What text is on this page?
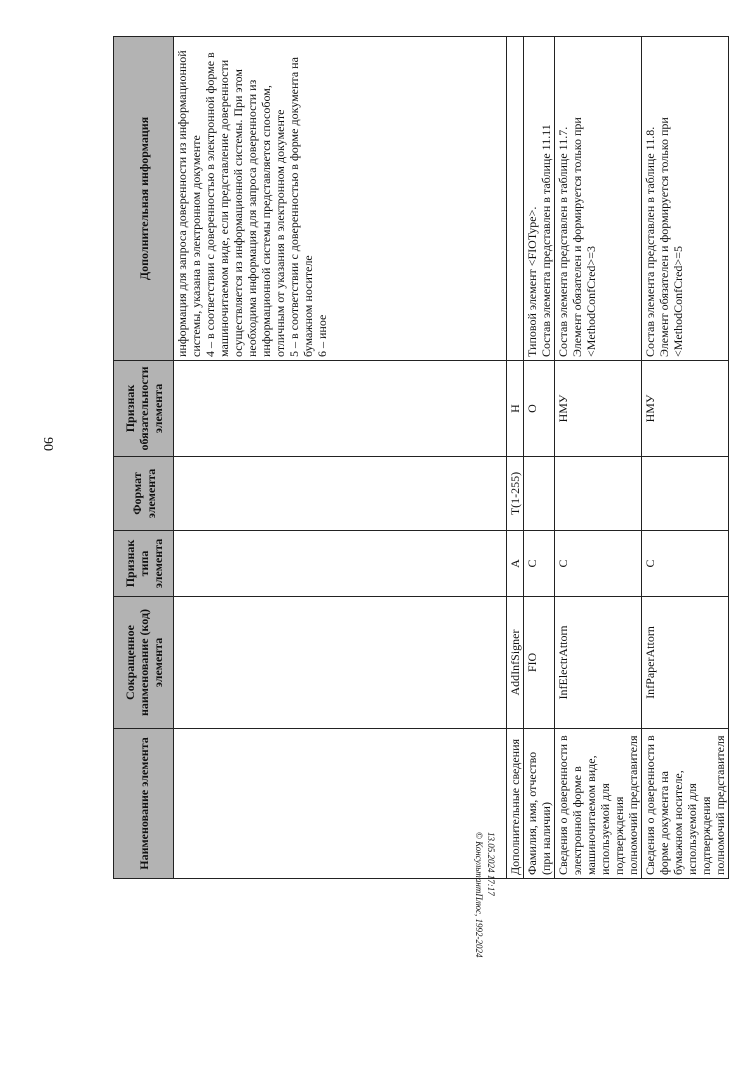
90
Наименование элемента	Сокращенное наименование (код) элемента	Признак типа элемента	Формат элемента	Признак обязательности элемента	Дополнительная информация

					информация для запроса доверенности из информационной системы, указана в электронном документе 4 – в соответствии с доверенностью в электронной форме в машиночитаемом виде, если представление доверенности осуществляется из информационной системы. При этом необходима информация для запроса доверенности из информационной системы представляется способом, отличным от указания в электронном документе 5 – в соответствии с доверенностью в форме документа на бумажном носителе 6 – иное

Дополнительные сведения	AddInfSigner	А	T(1-255)	Н	
Фамилия, имя, отчество (при наличии)	FIO	С		О	Типовой элемент <FIOType>. Состав элемента представлен в таблице 11.11

Сведения о доверенности в электронной форме в машиночитаемом виде, используемой для подтверждения полномочий представителя	InfElectrAttorn	С		НМУ	Состав элемента представлен в таблице 11.7. Элемент обязателен и формируется только при <MethodConfCred>=3

Сведения о доверенности в форме документа на бумажном носителе, используемой для подтверждения полномочий представителя	InfPaperAttorn	С		НМУ	Состав элемента представлен в таблице 11.8. Элемент обязателен и формируется только при <MethodConfCred>=5
13.05.2024 17:17
© КонсультантПлюс, 1992-2024
